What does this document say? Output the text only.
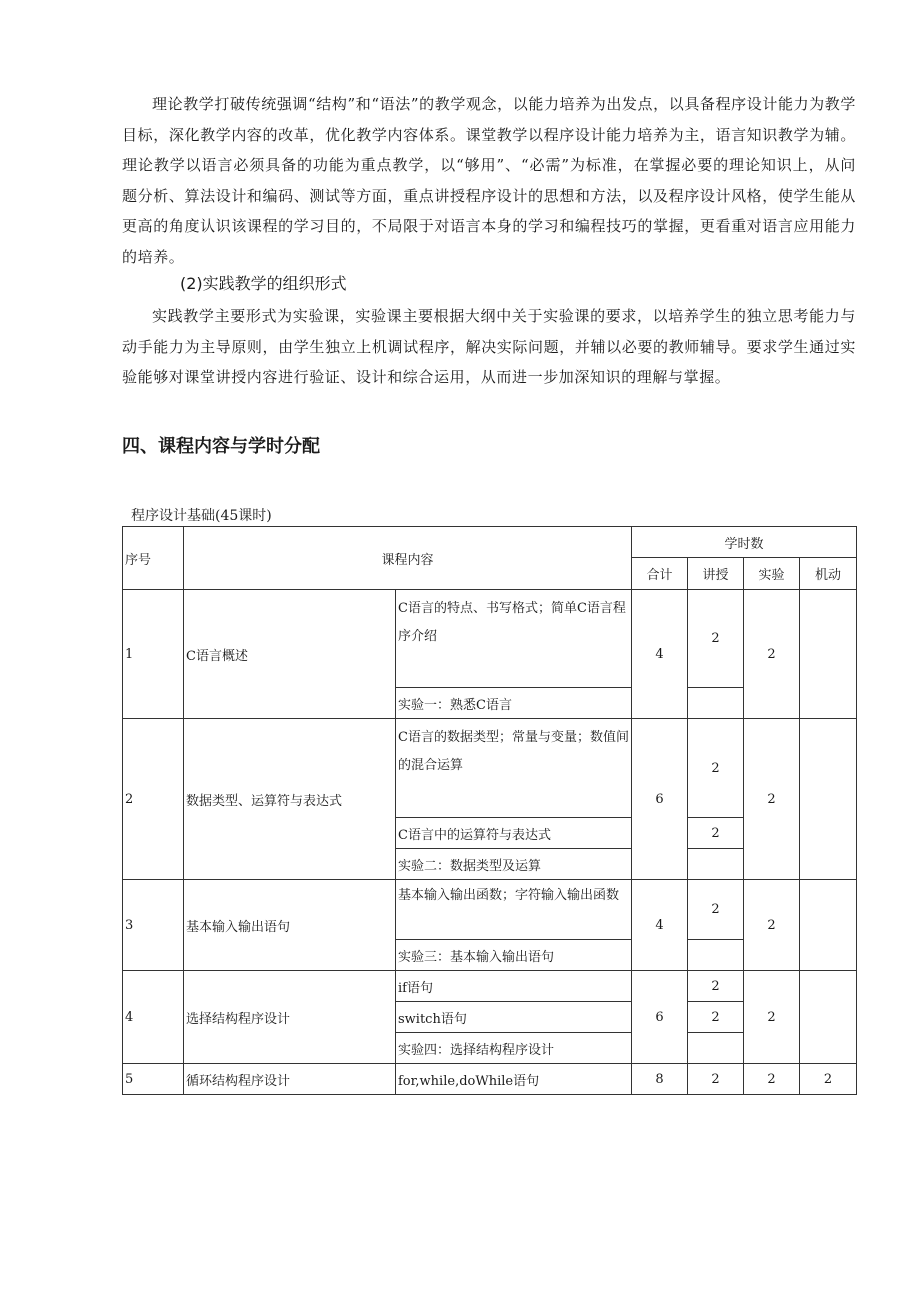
理论教学打破传统强调“结构”和“语法”的教学观念，以能力培养为出发点，以具备程序设计能力为教学目标，深化教学内容的改革，优化教学内容体系。课堂教学以程序设计能力培养为主，语言知识教学为辅。理论教学以语言必须具备的功能为重点教学，以“够用”、“必需”为标准，在掌握必要的理论知识上，从问题分析、算法设计和编码、测试等方面，重点讲授程序设计的思想和方法，以及程序设计风格，使学生能从更高的角度认识该课程的学习目的，不局限于对语言本身的学习和编程技巧的掌握，更看重对语言应用能力的培养。

(2)实践教学的组织形式

实践教学主要形式为实验课，实验课主要根据大纲中关于实验课的要求，以培养学生的独立思考能力与动手能力为主导原则，由学生独立上机调试程序，解决实际问题，并辅以必要的教师辅导。要求学生通过实验能够对课堂讲授内容进行验证、设计和综合运用，从而进一步加深知识的理解与掌握。

四、课程内容与学时分配

程序设计基础(45课时)

序号	课程内容		学时数			
			合计	讲授	实验	机动
1	C语言概述	C语言的特点、书写格式；简单C语言程序介绍	4	2	2	
		实验一：熟悉C语言				
2	数据类型、运算符与表达式	C语言的数据类型；常量与变量；数值间的混合运算	6	2	2	
		C语言中的运算符与表达式		2		
		实验二：数据类型及运算				
3	基本输入输出语句	基本输入输出函数；字符输入输出函数	4	2	2	
		实验三：基本输入输出语句				
4	选择结构程序设计	if语句	6	2	2	
		switch语句		2		
		实验四：选择结构程序设计				
5	循环结构程序设计	for,while,doWhile语句	8	2	2	2
